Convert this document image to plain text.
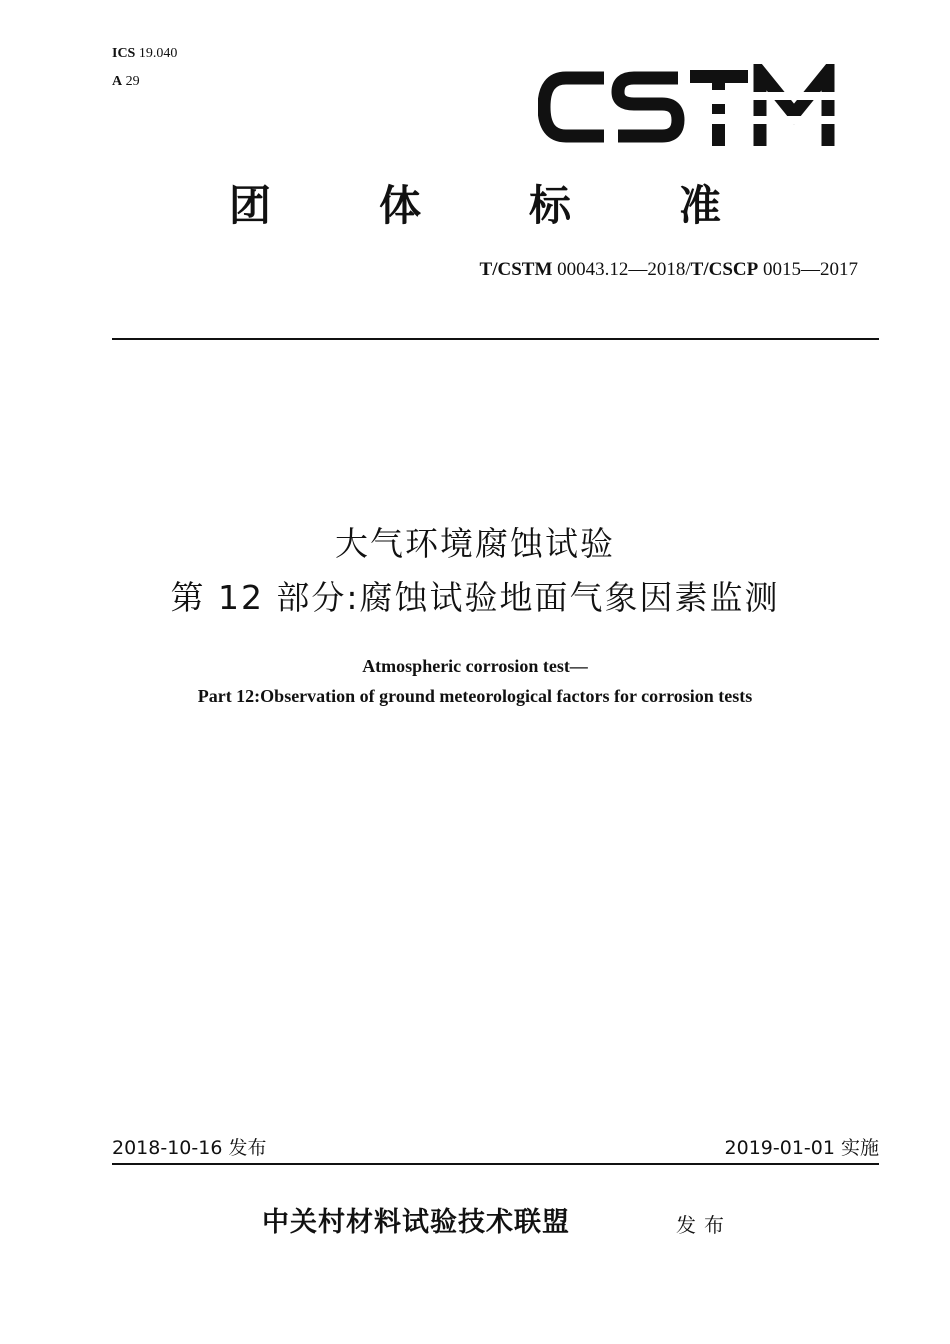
ICS 19.040
A 29
团体标准
T/CSTM 00043.12—2018/T/CSCP 0015—2017
大气环境腐蚀试验
第 12 部分:腐蚀试验地面气象因素监测
Atmospheric corrosion test—
Part 12:Observation of ground meteorological factors for corrosion tests
2018-10-16 发布	2019-01-01 实施
中关村材料试验技术联盟	发布
